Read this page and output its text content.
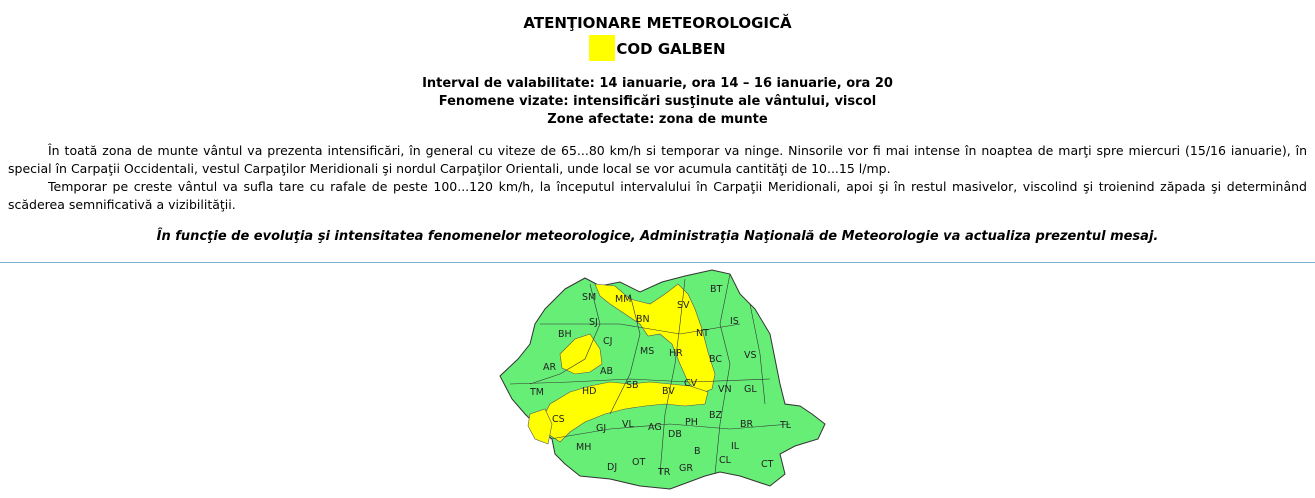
ATENŢIONARE METEOROLOGICĂ
COD GALBEN
Interval de valabilitate: 14 ianuarie, ora 14 – 16 ianuarie, ora 20
Fenomene vizate: intensificări susţinute ale vântului, viscol
Zone afectate: zona de munte

În toată zona de munte vântul va prezenta intensificări, în general cu viteze de 65...80 km/h si temporar va ninge. Ninsorile vor fi mai intense în noaptea de marţi spre miercuri (15/16 ianuarie), în special în Carpaţii Occidentali, vestul Carpaţilor Meridionali şi nordul Carpaţilor Orientali, unde local se vor acumula cantităţi de 10...15 l/mp.

Temporar pe creste vântul va sufla tare cu rafale de peste 100...120 km/h, la începutul intervalului în Carpaţii Meridionali, apoi şi în restul masivelor, viscolind şi troienind zăpada şi determinând scăderea semnificativă a vizibilităţii.

În funcţie de evoluţia şi intensitatea fenomenelor meteorologice, Administraţia Naţională de Meteorologie va actualiza prezentul mesaj.
SM MM
SV
BT
SJ	BN	IS
BH
CJ
NT
MS HR
BC VS
AR	AB
CV
BV
SB
HD	VN GL
TM
PH
BZ
BR
CS
GJ VL AG
DB
IL
TL
MH	B
OT
DJ	TR GR
CL	CT
